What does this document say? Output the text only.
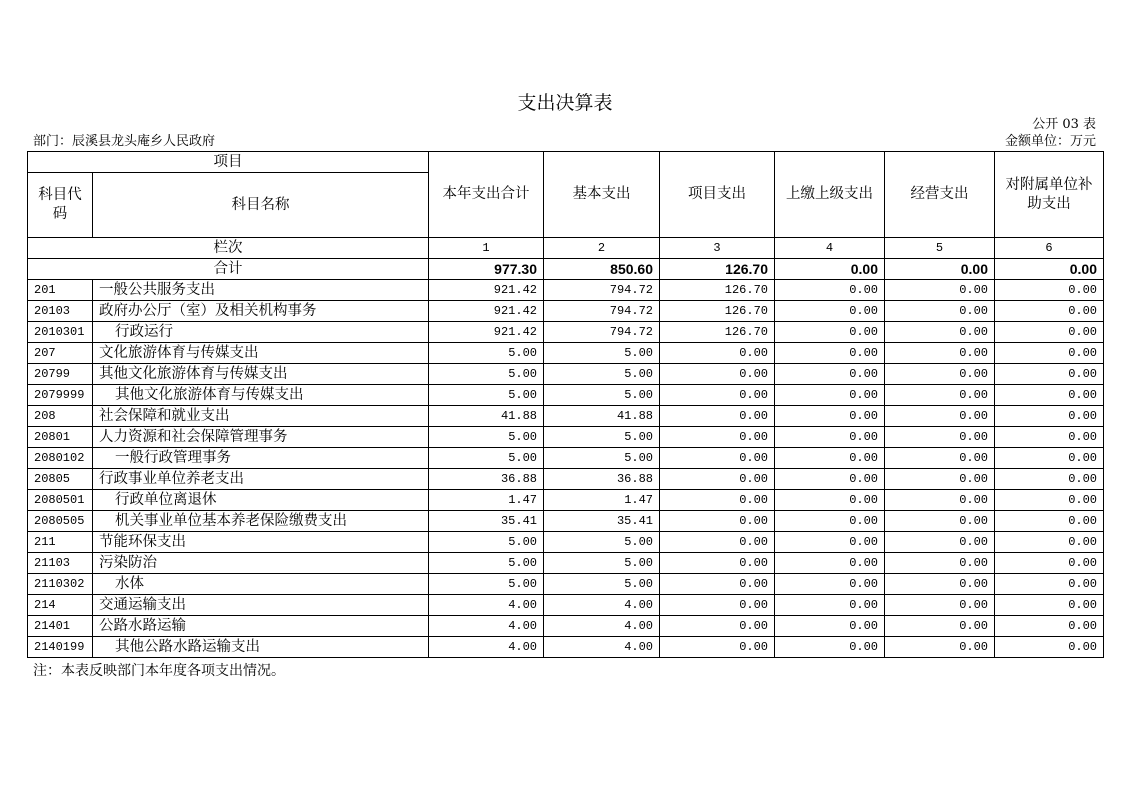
支出决算表
公开 03 表
部门：辰溪县龙头庵乡人民政府	金额单位：万元
项目		本年支出合计	基本支出	项目支出	上缴上级支出	经营支出	对附属单位补助支出
科目代码	科目名称						
栏次		1	2	3	4	5	6
合计		977.30	850.60	126.70	0.00	0.00	0.00
201	一般公共服务支出	921.42	794.72	126.70	0.00	0.00	0.00
20103	政府办公厅（室）及相关机构事务	921.42	794.72	126.70	0.00	0.00	0.00
2010301	行政运行	921.42	794.72	126.70	0.00	0.00	0.00
207	文化旅游体育与传媒支出	5.00	5.00	0.00	0.00	0.00	0.00
20799	其他文化旅游体育与传媒支出	5.00	5.00	0.00	0.00	0.00	0.00
2079999	其他文化旅游体育与传媒支出	5.00	5.00	0.00	0.00	0.00	0.00
208	社会保障和就业支出	41.88	41.88	0.00	0.00	0.00	0.00
20801	人力资源和社会保障管理事务	5.00	5.00	0.00	0.00	0.00	0.00
2080102	一般行政管理事务	5.00	5.00	0.00	0.00	0.00	0.00
20805	行政事业单位养老支出	36.88	36.88	0.00	0.00	0.00	0.00
2080501	行政单位离退休	1.47	1.47	0.00	0.00	0.00	0.00
2080505	机关事业单位基本养老保险缴费支出	35.41	35.41	0.00	0.00	0.00	0.00
211	节能环保支出	5.00	5.00	0.00	0.00	0.00	0.00
21103	污染防治	5.00	5.00	0.00	0.00	0.00	0.00
2110302	水体	5.00	5.00	0.00	0.00	0.00	0.00
214	交通运输支出	4.00	4.00	0.00	0.00	0.00	0.00
21401	公路水路运输	4.00	4.00	0.00	0.00	0.00	0.00
2140199	其他公路水路运输支出	4.00	4.00	0.00	0.00	0.00	0.00
注：本表反映部门本年度各项支出情况。
